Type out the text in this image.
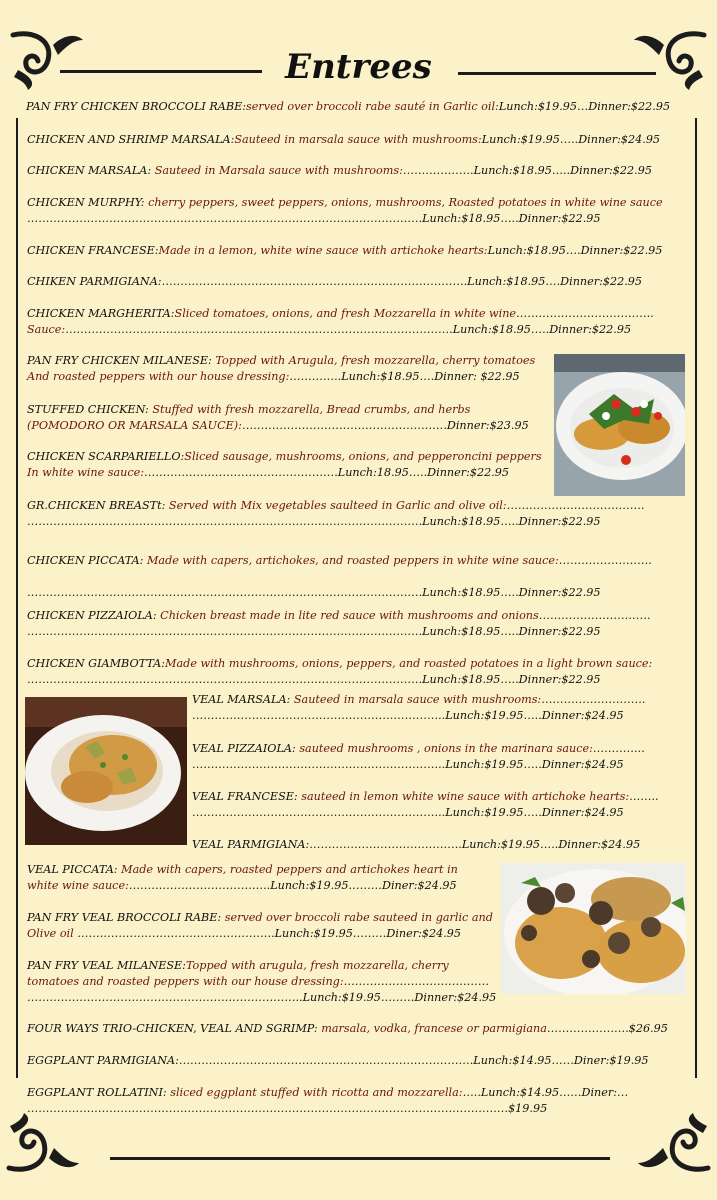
Entrees
PAN FRY CHICKEN BROCCOLI RABE:served over broccoli rabe sauté in Garlic oil:Lunch:$19.95…Dinner:$22.95
CHICKEN AND SHRIMP MARSALA:Sauteed in marsala sauce with mushrooms:Lunch:$19.95…..Dinner:$24.95
CHICKEN MARSALA: Sauteed in Marsala sauce with mushrooms:……………….Lunch:$18.95…..Dinner:$22.95
CHICKEN MURPHY: cherry peppers, sweet peppers, onions, mushrooms, Roasted potatoes in white wine sauce
…………………………………………………………………………………………….Lunch:$18.95…..Dinner:$22.95
CHICKEN FRANCESE:Made in a lemon, white wine sauce with artichoke hearts:Lunch:$18.95….Dinner:$22.95
CHIKEN PARMIGIANA:……………………………………………………………………….Lunch:$18.95….Dinner:$22.95
CHICKEN MARGHERITA:Sliced tomatoes, onions, and fresh Mozzarella in white wine……………………………….
Sauce:………………………………………………………….……………………………….Lunch:$18.95…..Dinner:$22.95
PAN FRY CHICKEN MILANESE: Topped with Arugula, fresh mozzarella, cherry tomatoes
And roasted peppers with our house dressing:…………..Lunch:$18.95….Dinner: $22.95
STUFFED CHICKEN: Stuffed with fresh mozzarella, Bread crumbs, and herbs
(POMODORO OR MARSALA SAUCE):……………………………………………….Dinner:$23.95
CHICKEN SCARPARIELLO:Sliced sausage, mushrooms, onions, and pepperoncini peppers
In white wine sauce:…………………………………………….Lunch:18.95…..Dinner:$22.95
GR.CHICKEN BREASTt: Served with Mix vegetables saulteed in Garlic and olive oil:……………………………….
…………………………………………………………………………………………….Lunch:$18.95…..Dinner:$22.95
CHICKEN PICCATA: Made with capers, artichokes, and roasted peppers in white wine sauce:…………………….
…………………………………………………………………………………………….Lunch:$18.95…..Dinner:$22.95
CHICKEN PIZZAIOLA: Chicken breast made in lite red sauce with mushrooms and onions…………………………
…………………………………………………………………………………………….Lunch:$18.95…..Dinner:$22.95
CHICKEN GIAMBOTTA:Made with mushrooms, onions, peppers, and roasted potatoes in a light brown sauce:
…………………………………………………………………………………………….Lunch:$18.95…..Dinner:$22.95
VEAL MARSALA: Sauteed in marsala sauce with mushrooms:……………………….
…………………………………………………………..Lunch:$19.95…..Dinner:$24.95
VEAL PIZZAIOLA: sauteed mushrooms , onions in the marinara sauce:…………..
…………………………………………………………..Lunch:$19.95…..Dinner:$24.95
VEAL FRANCESE: sauteed in lemon white wine sauce with artichoke hearts:……..
…………………………………………………………..Lunch:$19.95…..Dinner:$24.95
VEAL PARMIGIANA:…………………………………..Lunch:$19.95…..Dinner:$24.95
VEAL PICCATA: Made with capers, roasted peppers and artichokes heart in
white wine sauce:………………………………..Lunch:$19.95………Diner:$24.95
PAN FRY VEAL BROCCOLI RABE: served over broccoli rabe sauteed in garlic and
Olive oil ……………………………………………..Lunch:$19.95………Diner:$24.95
PAN FRY VEAL MILANESE:Topped with arugula, fresh mozzarella, cherry
tomatoes and roasted peppers with our house dressing:…………………………………
………………………………………………………………..Lunch:$19.95………Dinner:$24.95
FOUR WAYS TRIO-CHICKEN, VEAL AND SGRIMP: marsala, vodka, francese or parmigiana………………….$26.95
EGGPLANT PARMIGIANA:…………………………………………………………………….Lunch:$14.95……Diner:$19.95
EGGPLANT ROLLATINI: sliced eggplant stuffed with ricotta and mozzarella:…..Lunch:$14.95……Diner:…
…………………………………………………………………………………………………………………$19.95
